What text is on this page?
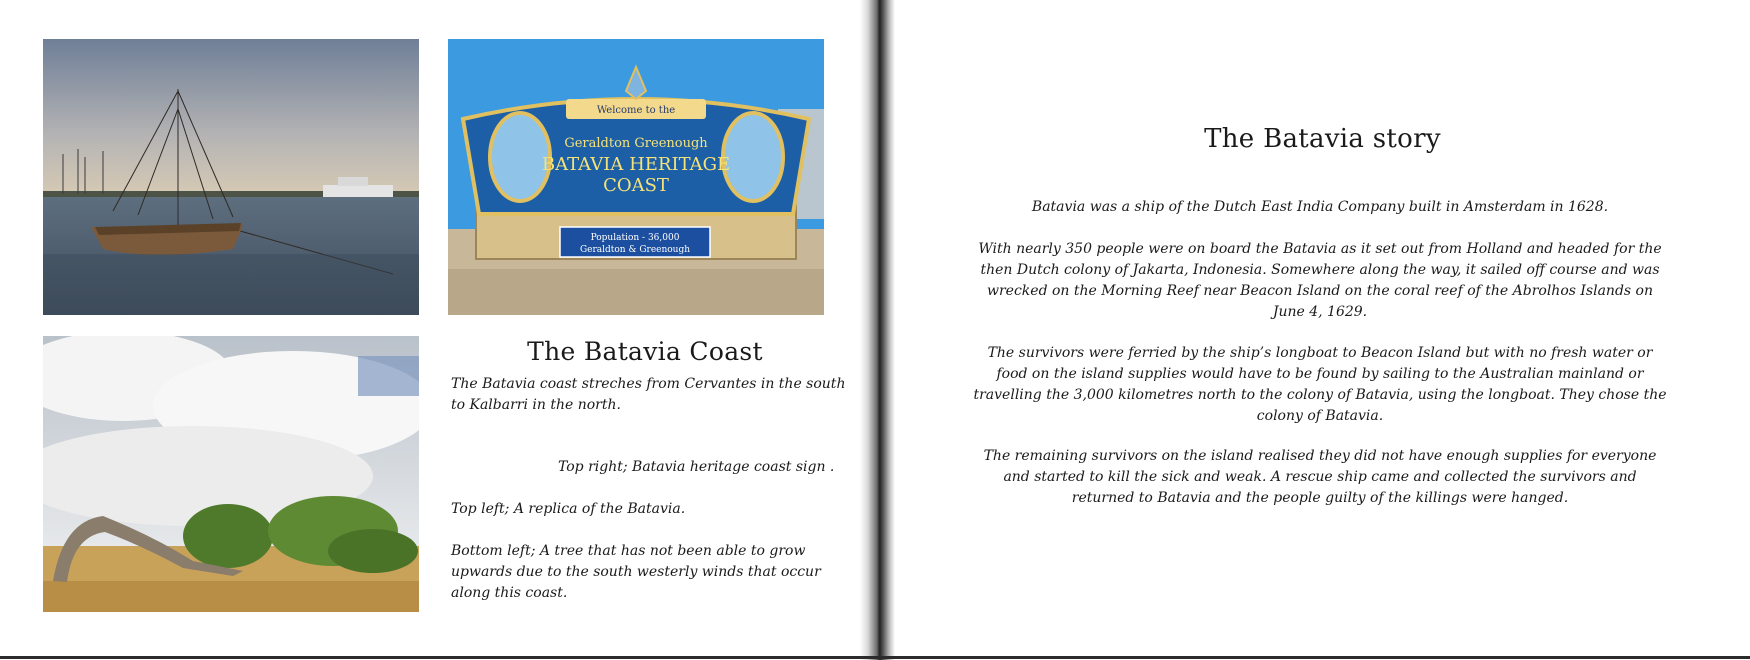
Welcome to the
Geraldton Greenough
BATAVIA HERITAGE
COAST
Population - 36,000
Geraldton & Greenough
The Batavia Coast
The Batavia coast streches from Cervantes in the south to Kalbarri in the north.
Top right; Batavia heritage coast sign .
Top left; A replica of the Batavia.
Bottom left; A tree that has not been able to grow upwards due to the south westerly winds that occur along this coast.
The Batavia story
Batavia was a ship of the Dutch East India Company built in Amsterdam in 1628.
With nearly 350 people were on board the Batavia as it set out from Holland and headed for the then Dutch colony of Jakarta, Indonesia. Somewhere along the way, it sailed off course and was wrecked on the Morning Reef near Beacon Island on the coral reef of the Abrolhos Islands on June 4, 1629.
The survivors were ferried by the ship’s longboat to Beacon Island but with no fresh water or food on the island supplies would have to be found by sailing to the Australian mainland or travelling the 3,000 kilometres north to the colony of Batavia, using the longboat. They chose the colony of Batavia.
The remaining survivors on the island realised they did not have enough supplies for everyone and started to kill the sick and weak. A rescue ship came and collected the survivors and returned to Batavia and the people guilty of the killings were hanged.
